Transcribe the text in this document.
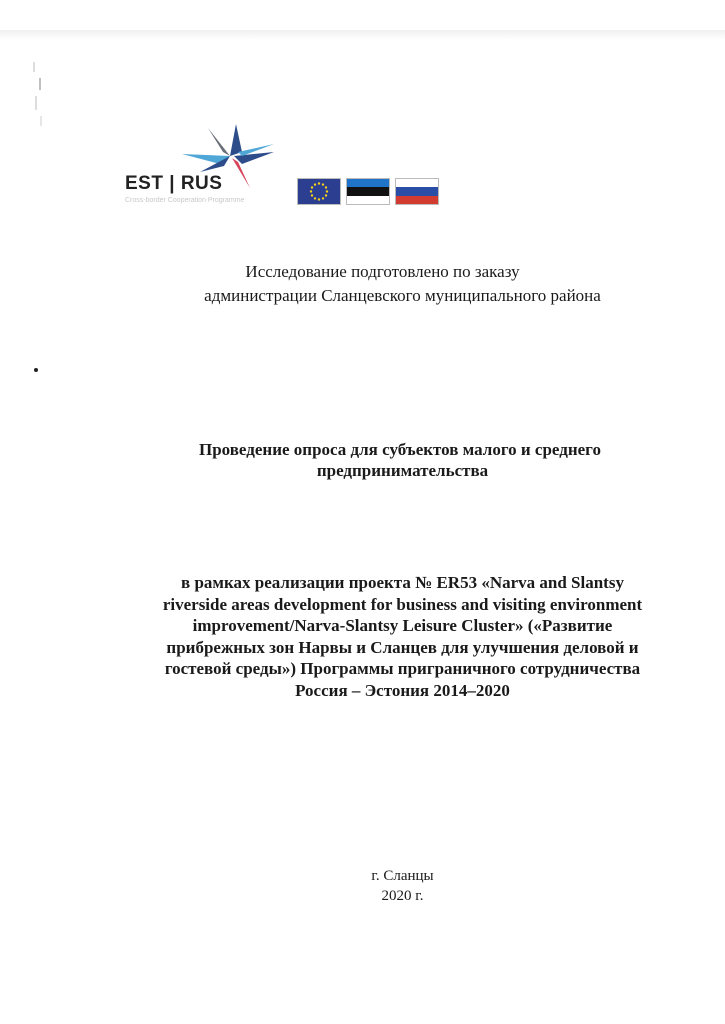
EST | RUS
Cross-border Cooperation Programme
Исследование подготовлено по заказу
администрации Сланцевского муниципального района
Проведение опроса для субъектов малого и среднего
предпринимательства
в рамках реализации проекта № ER53 «Narva and Slantsy
riverside areas development for business and visiting environment
improvement/Narva-Slantsy Leisure Cluster» («Развитие
прибрежных зон Нарвы и Сланцев для улучшения деловой и
гостевой среды») Программы приграничного сотрудничества
Россия – Эстония 2014–2020
г. Сланцы
2020 г.
